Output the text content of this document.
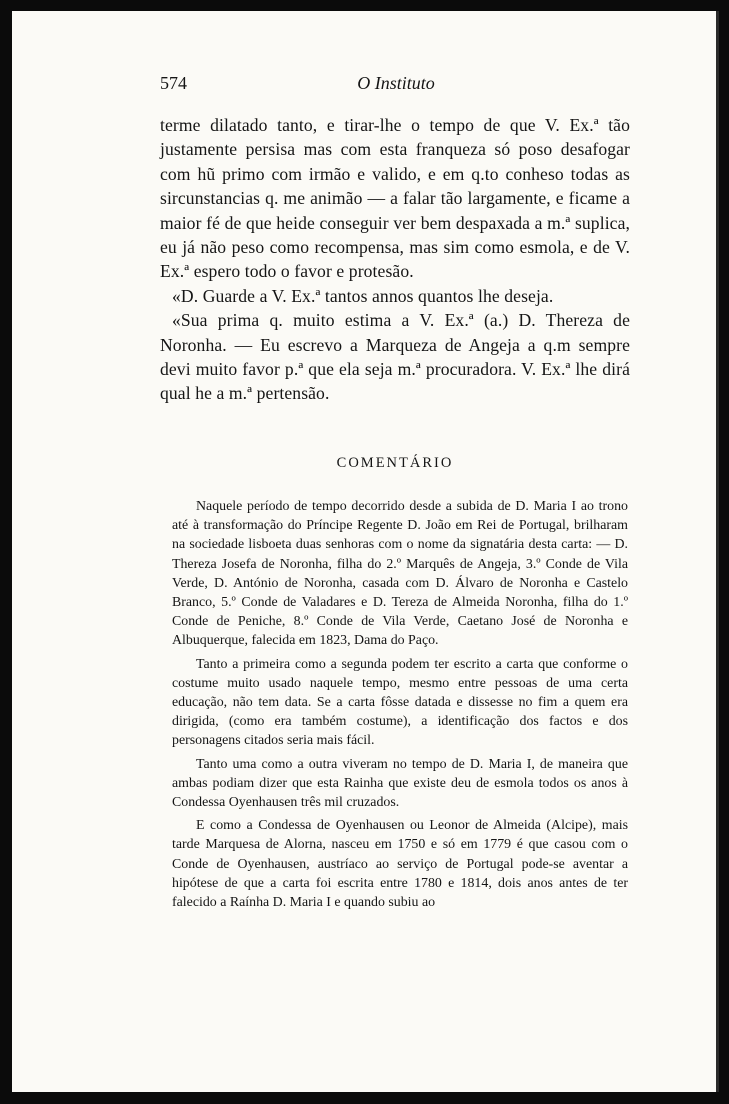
574	O Instituto

terme dilatado tanto, e tirar-lhe o tempo de que V. Ex.ª tão justamente persisa mas com esta franqueza só poso desafogar com hũ primo com irmão e valido, e em q.to conheso todas as sircunstancias q. me animão — a falar tão largamente, e ficame a maior fé de que heide conseguir ver bem despaxada a m.ª suplica, eu já não peso como recompensa, mas sim como esmola, e de V. Ex.ª espero todo o favor e protesão.

«D. Guarde a V. Ex.ª tantos annos quantos lhe deseja.

«Sua prima q. muito estima a V. Ex.ª (a.) D. Thereza de Noronha. — Eu escrevo a Marqueza de Angeja a q.m sempre devi muito favor p.ª que ela seja m.ª procuradora. V. Ex.ª lhe dirá qual he a m.ª pertensão.

COMENTÁRIO

Naquele período de tempo decorrido desde a subida de D. Maria I ao trono até à transformação do Príncipe Regente D. João em Rei de Portugal, brilharam na sociedade lisboeta duas senhoras com o nome da signatária desta carta: — D. Thereza Josefa de Noronha, filha do 2.º Marquês de Angeja, 3.º Conde de Vila Verde, D. António de Noronha, casada com D. Álvaro de Noronha e Castelo Branco, 5.º Conde de Valadares e D. Tereza de Almeida Noronha, filha do 1.º Conde de Peniche, 8.º Conde de Vila Verde, Caetano José de Noronha e Albuquerque, falecida em 1823, Dama do Paço.

Tanto a primeira como a segunda podem ter escrito a carta que conforme o costume muito usado naquele tempo, mesmo entre pessoas de uma certa educação, não tem data. Se a carta fôsse datada e dissesse no fim a quem era dirigida, (como era também costume), a identificação dos factos e dos personagens citados seria mais fácil.

Tanto uma como a outra viveram no tempo de D. Maria I, de maneira que ambas podiam dizer que esta Rainha que existe deu de esmola todos os anos à Condessa Oyenhausen três mil cruzados.

E como a Condessa de Oyenhausen ou Leonor de Almeida (Alcipe), mais tarde Marquesa de Alorna, nasceu em 1750 e só em 1779 é que casou com o Conde de Oyenhausen, austríaco ao serviço de Portugal pode-se aventar a hipótese de que a carta foi escrita entre 1780 e 1814, dois anos antes de ter falecido a Raínha D. Maria I e quando subiu ao
